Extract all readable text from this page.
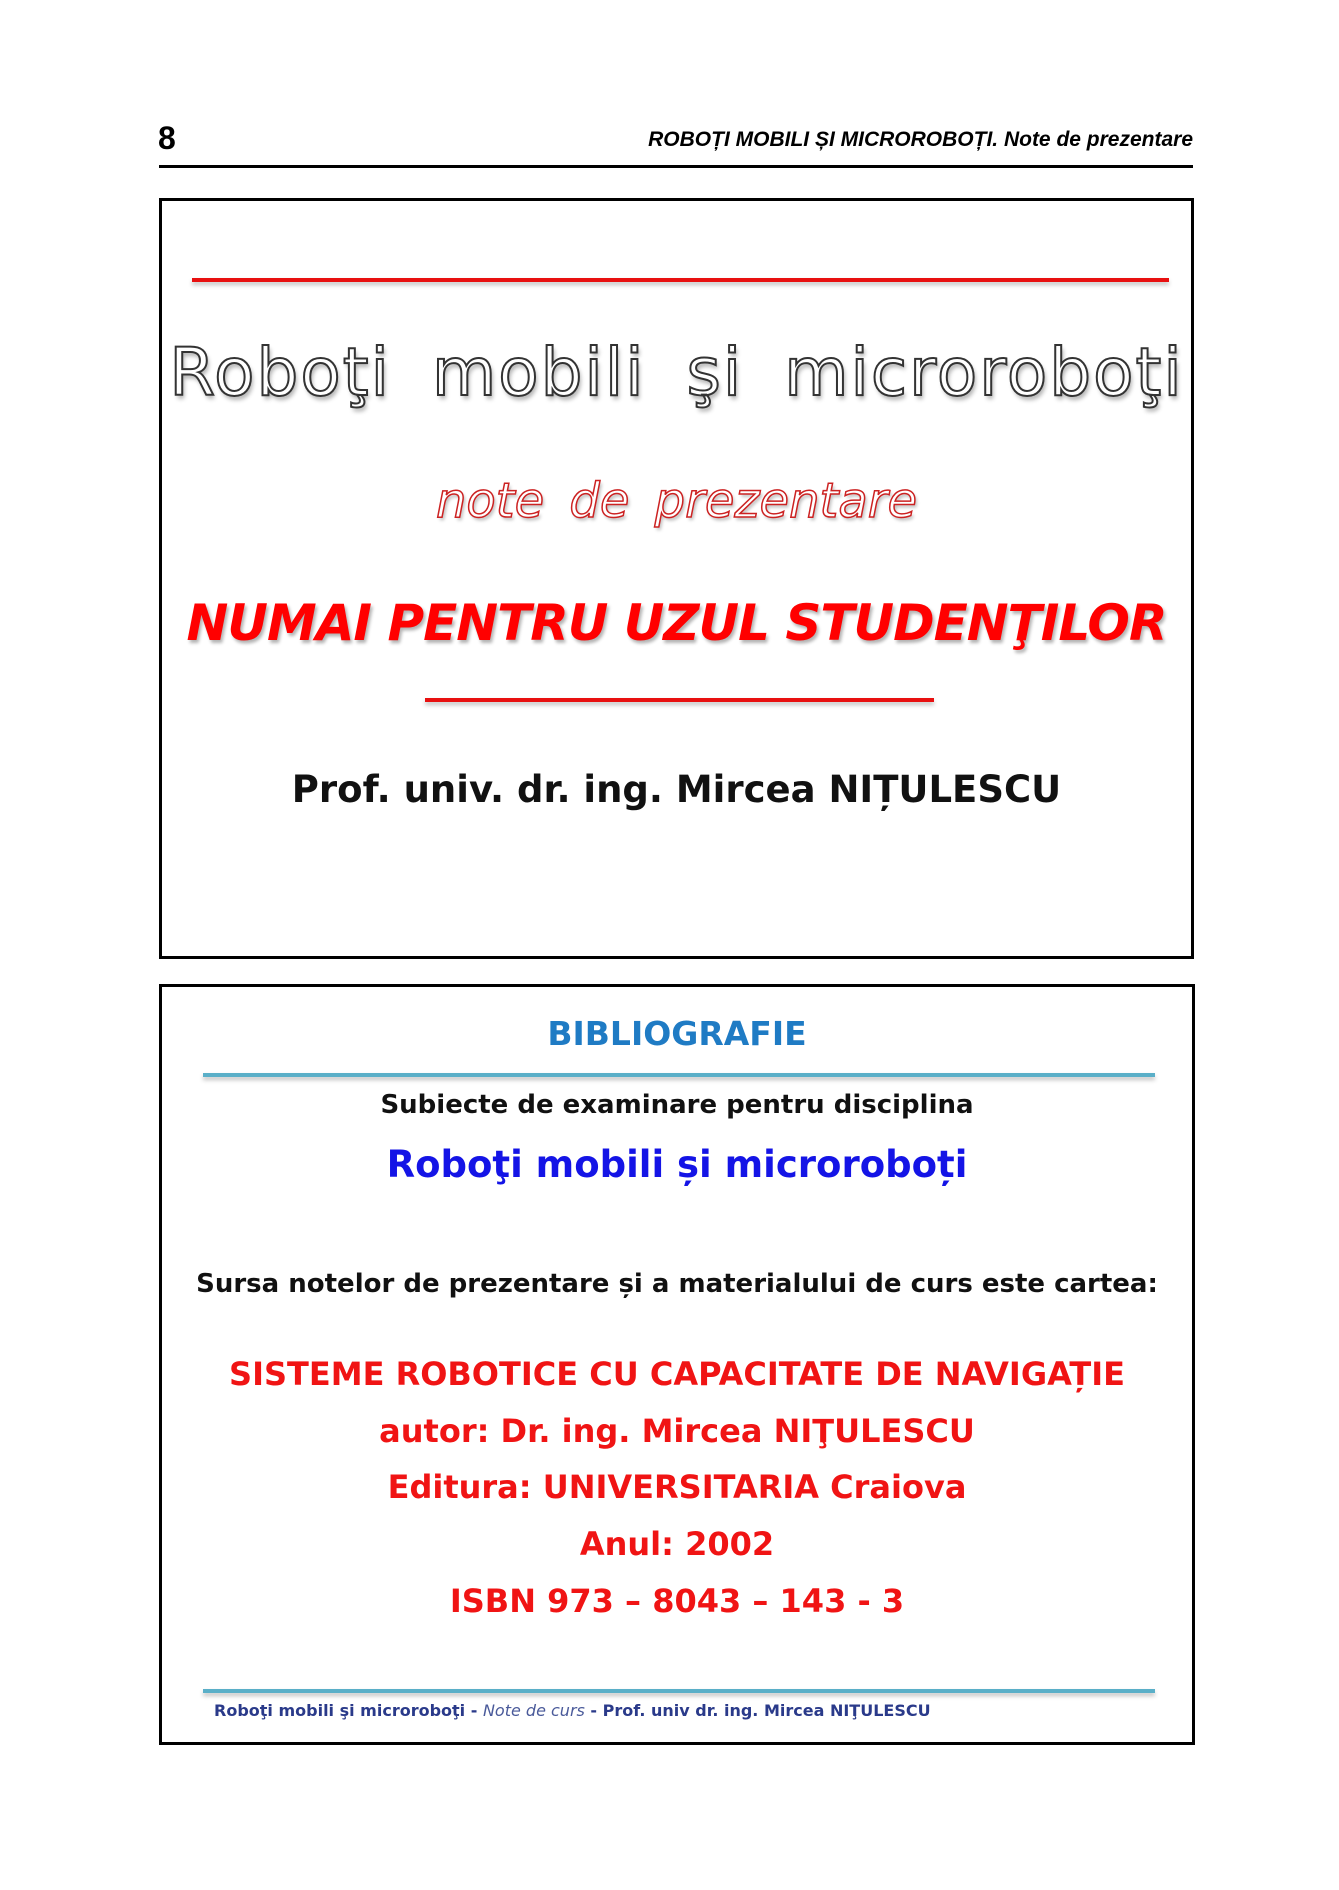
8	ROBOȚI MOBILI ȘI MICROROBOȚI. Note de prezentare
Roboţi mobili şi microroboţi
note de prezentare
NUMAI PENTRU UZUL STUDENŢILOR
Prof. univ. dr. ing. Mircea NIȚULESCU
BIBLIOGRAFIE
Subiecte de examinare pentru disciplina
Roboţi mobili și microroboți
Sursa notelor de prezentare și a materialului de curs este cartea:
SISTEME ROBOTICE CU CAPACITATE DE NAVIGAȚIE
autor: Dr. ing. Mircea NIŢULESCU
Editura: UNIVERSITARIA Craiova
Anul: 2002
ISBN 973 – 8043 – 143 - 3
Roboţi mobili şi microroboţi - Note de curs - Prof. univ dr. ing. Mircea NIŢULESCU
